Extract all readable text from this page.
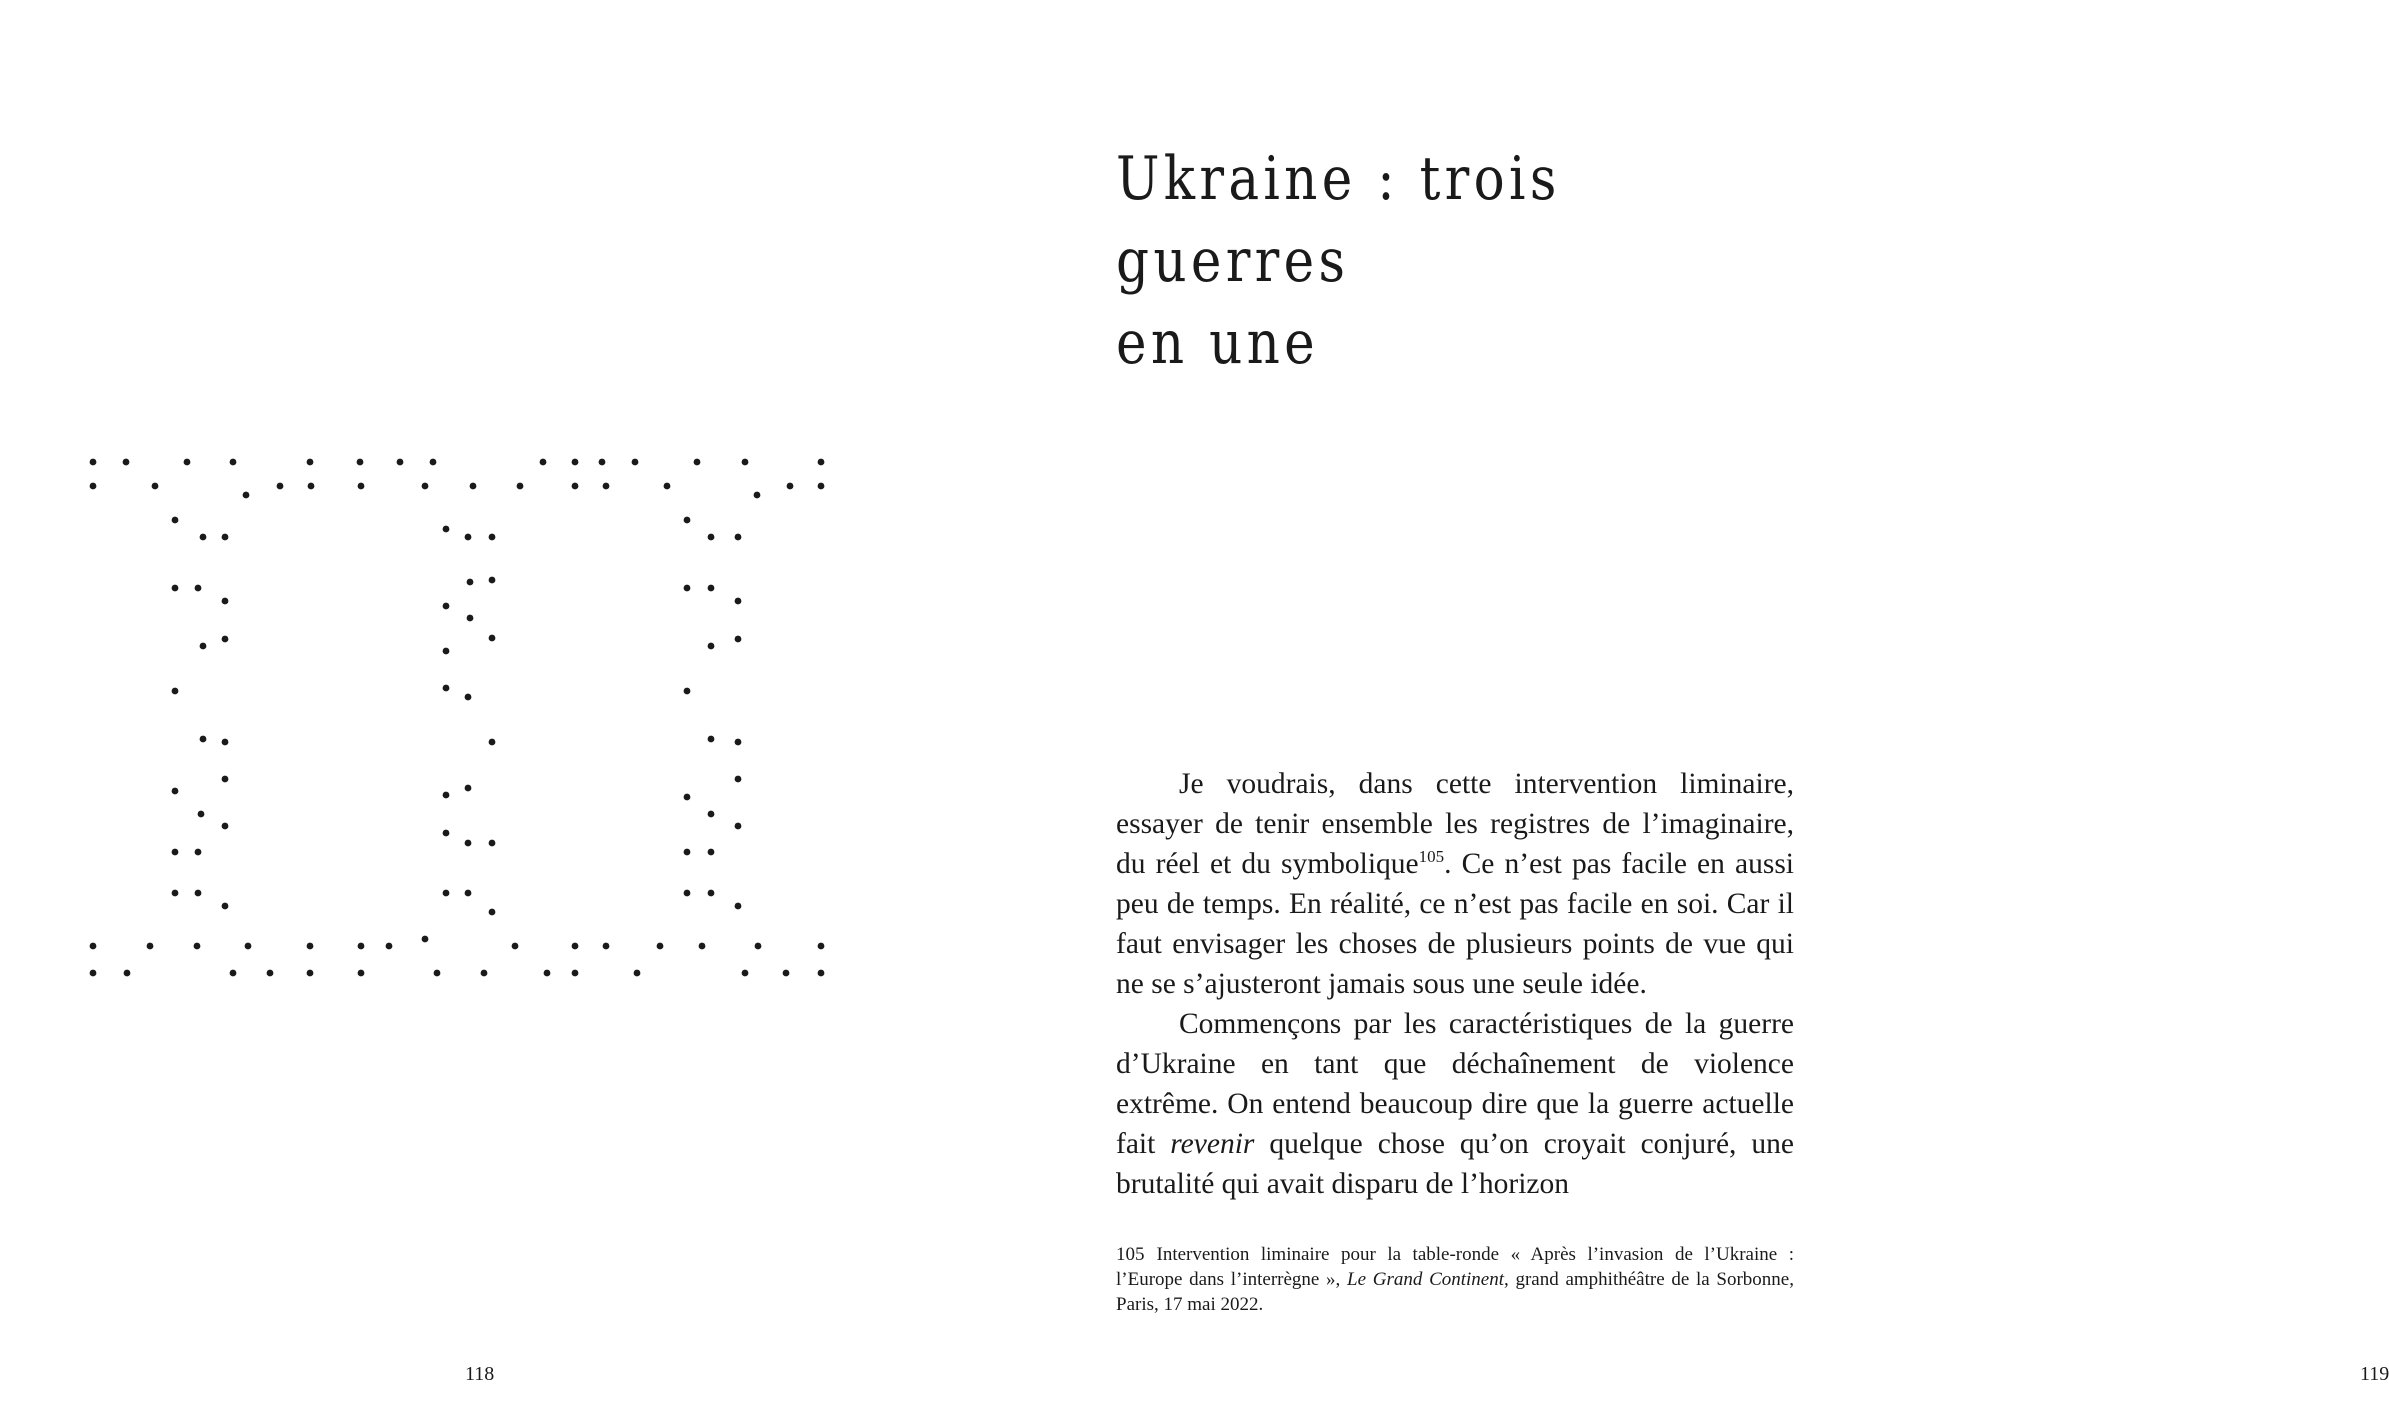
118
Ukraine : trois guerres
en une

Je voudrais, dans cette intervention liminaire, essayer de tenir ensemble les registres de l’imaginaire, du réel et du symbolique$^{105}$. Ce n’est pas facile en aussi peu de temps. En réalité, ce n’est pas facile en soi. Car il faut envisager les choses de plusieurs points de vue qui ne se s’ajusteront jamais sous une seule idée.

Commençons par les caractéristiques de la guerre d’Ukraine en tant que déchaînement de violence extrême. On entend beaucoup dire que la guerre actuelle fait revenir quelque chose qu’on croyait conjuré, une brutalité qui avait disparu de l’horizon

105 Intervention liminaire pour la table-ronde « Après l’invasion de l’Ukraine : l’Europe dans l’interrègne », Le Grand Continent, grand amphithéâtre de la Sorbonne, Paris, 17 mai 2022.
119
